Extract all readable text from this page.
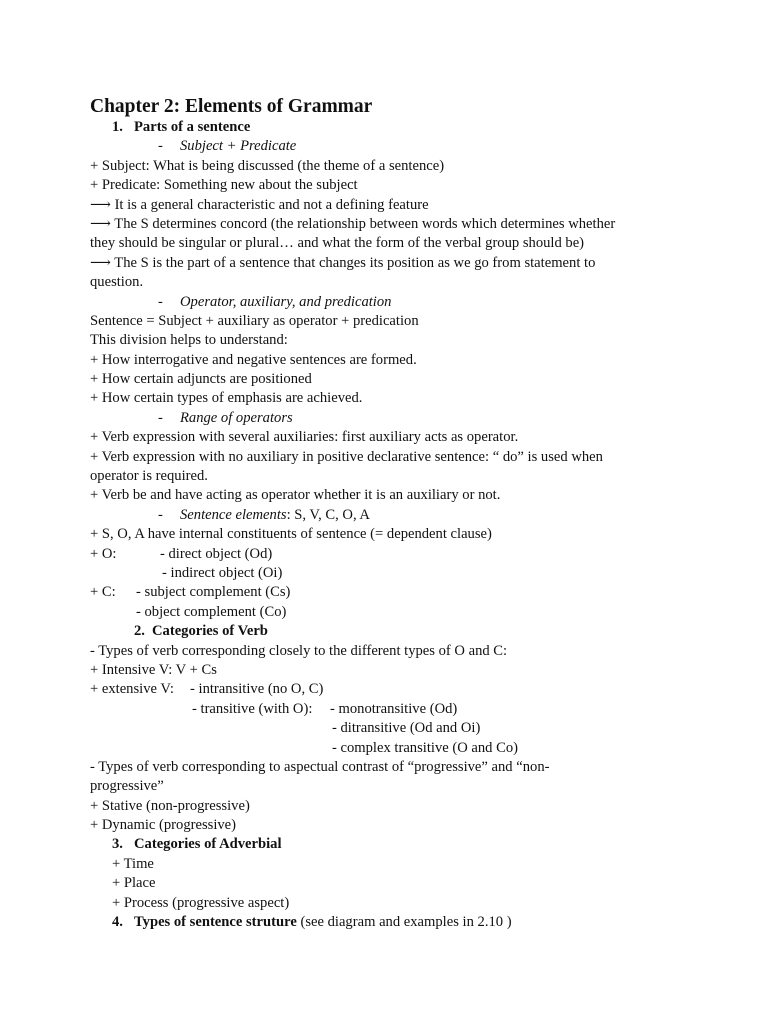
Chapter 2: Elements of Grammar
1. Parts of a sentence
- Subject + Predicate
+ Subject: What is being discussed (the theme of a sentence)
+ Predicate: Something new about the subject
⟶ It is a general characteristic and not a defining feature
⟶ The S determines concord (the relationship between words which determines whether
they should be singular or plural… and what the form of the verbal group should be)
⟶ The S is the part of a sentence that changes its position as we go from statement to
question.
- Operator, auxiliary, and predication
Sentence = Subject + auxiliary as operator + predication
This division helps to understand:
+ How interrogative and negative sentences are formed.
+ How certain adjuncts are positioned
+ How certain types of emphasis are achieved.
- Range of operators
+ Verb expression with several auxiliaries: first auxiliary acts as operator.
+ Verb expression with no auxiliary in positive declarative sentence: “ do” is used when
operator is required.
+ Verb be and have acting as operator whether it is an auxiliary or not.
- Sentence elements: S, V, C, O, A
+ S, O, A have internal constituents of sentence (= dependent clause)
+ O:	- direct object (Od)
- indirect object (Oi)
+ C: - subject complement (Cs)
- object complement (Co)
2. Categories of Verb
- Types of verb corresponding closely to the different types of O and C:
+ Intensive V: V + Cs
+ extensive V: - intransitive (no O, C)
- transitive (with O): - monotransitive (Od)
- ditransitive (Od and Oi)
- complex transitive (O and Co)
- Types of verb corresponding to aspectual contrast of “progressive” and “non-
progressive”
+ Stative (non-progressive)
+ Dynamic (progressive)
3. Categories of Adverbial
+ Time
+ Place
+ Process (progressive aspect)
4. Types of sentence struture (see diagram and examples in 2.10 )
